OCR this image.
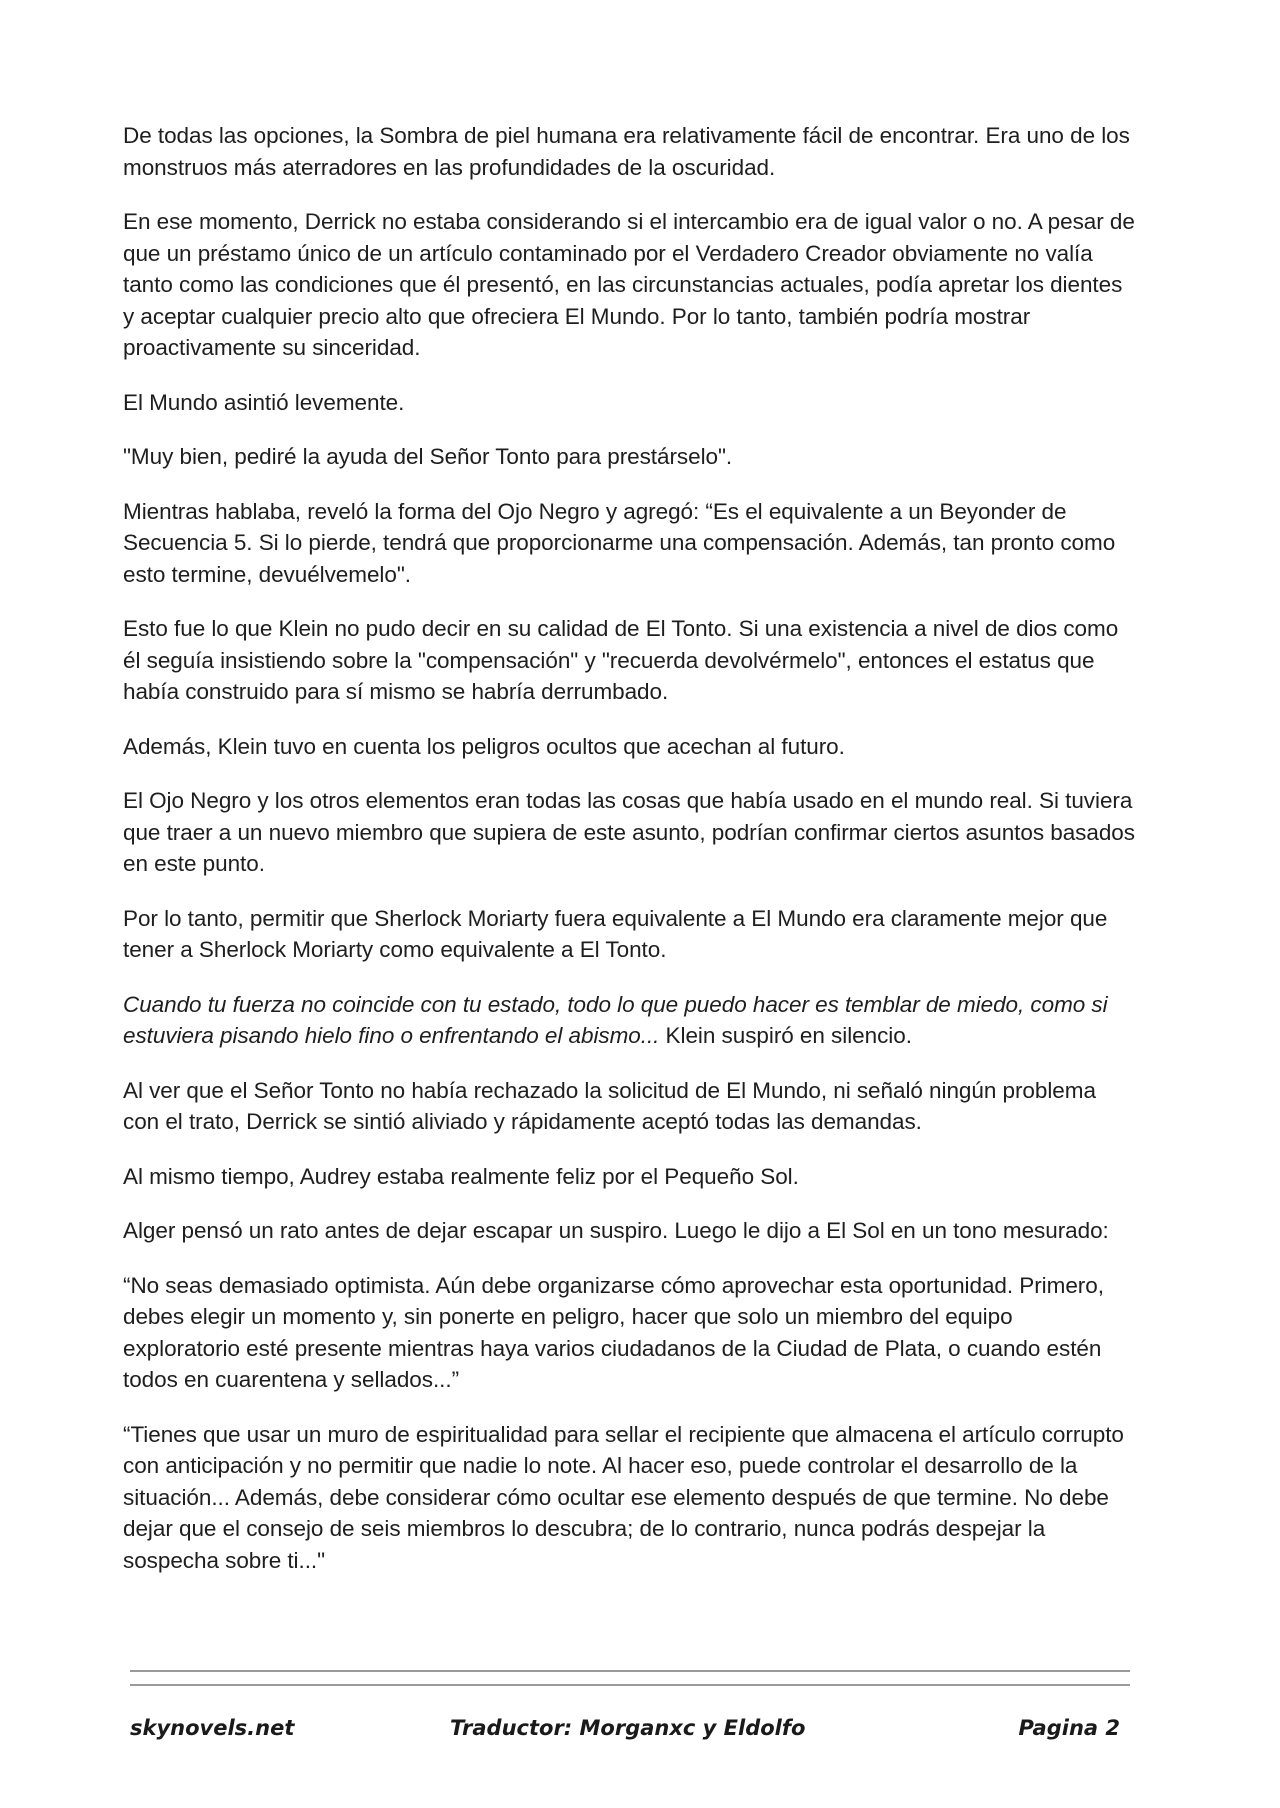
De todas las opciones, la Sombra de piel humana era relativamente fácil de encontrar. Era uno de los monstruos más aterradores en las profundidades de la oscuridad.

En ese momento, Derrick no estaba considerando si el intercambio era de igual valor o no. A pesar de que un préstamo único de un artículo contaminado por el Verdadero Creador obviamente no valía tanto como las condiciones que él presentó, en las circunstancias actuales, podía apretar los dientes y aceptar cualquier precio alto que ofreciera El Mundo. Por lo tanto, también podría mostrar proactivamente su sinceridad.

El Mundo asintió levemente.

"Muy bien, pediré la ayuda del Señor Tonto para prestárselo".

Mientras hablaba, reveló la forma del Ojo Negro y agregó: “Es el equivalente a un Beyonder de Secuencia 5. Si lo pierde, tendrá que proporcionarme una compensación. Además, tan pronto como esto termine, devuélvemelo".

Esto fue lo que Klein no pudo decir en su calidad de El Tonto. Si una existencia a nivel de dios como él seguía insistiendo sobre la "compensación" y "recuerda devolvérmelo", entonces el estatus que había construido para sí mismo se habría derrumbado.

Además, Klein tuvo en cuenta los peligros ocultos que acechan al futuro.

El Ojo Negro y los otros elementos eran todas las cosas que había usado en el mundo real. Si tuviera que traer a un nuevo miembro que supiera de este asunto, podrían confirmar ciertos asuntos basados en este punto.

Por lo tanto, permitir que Sherlock Moriarty fuera equivalente a El Mundo era claramente mejor que tener a Sherlock Moriarty como equivalente a El Tonto.

Cuando tu fuerza no coincide con tu estado, todo lo que puedo hacer es temblar de miedo, como si estuviera pisando hielo fino o enfrentando el abismo... Klein suspiró en silencio.

Al ver que el Señor Tonto no había rechazado la solicitud de El Mundo, ni señaló ningún problema con el trato, Derrick se sintió aliviado y rápidamente aceptó todas las demandas.

Al mismo tiempo, Audrey estaba realmente feliz por el Pequeño Sol.

Alger pensó un rato antes de dejar escapar un suspiro. Luego le dijo a El Sol en un tono mesurado:

“No seas demasiado optimista. Aún debe organizarse cómo aprovechar esta oportunidad. Primero, debes elegir un momento y, sin ponerte en peligro, hacer que solo un miembro del equipo exploratorio esté presente mientras haya varios ciudadanos de la Ciudad de Plata, o cuando estén todos en cuarentena y sellados...”

“Tienes que usar un muro de espiritualidad para sellar el recipiente que almacena el artículo corrupto con anticipación y no permitir que nadie lo note. Al hacer eso, puede controlar el desarrollo de la situación... Además, debe considerar cómo ocultar ese elemento después de que termine. No debe dejar que el consejo de seis miembros lo descubra; de lo contrario, nunca podrás despejar la sospecha sobre ti..."

skynovels.net	Traductor: Morganxc y Eldolfo	Pagina 2
